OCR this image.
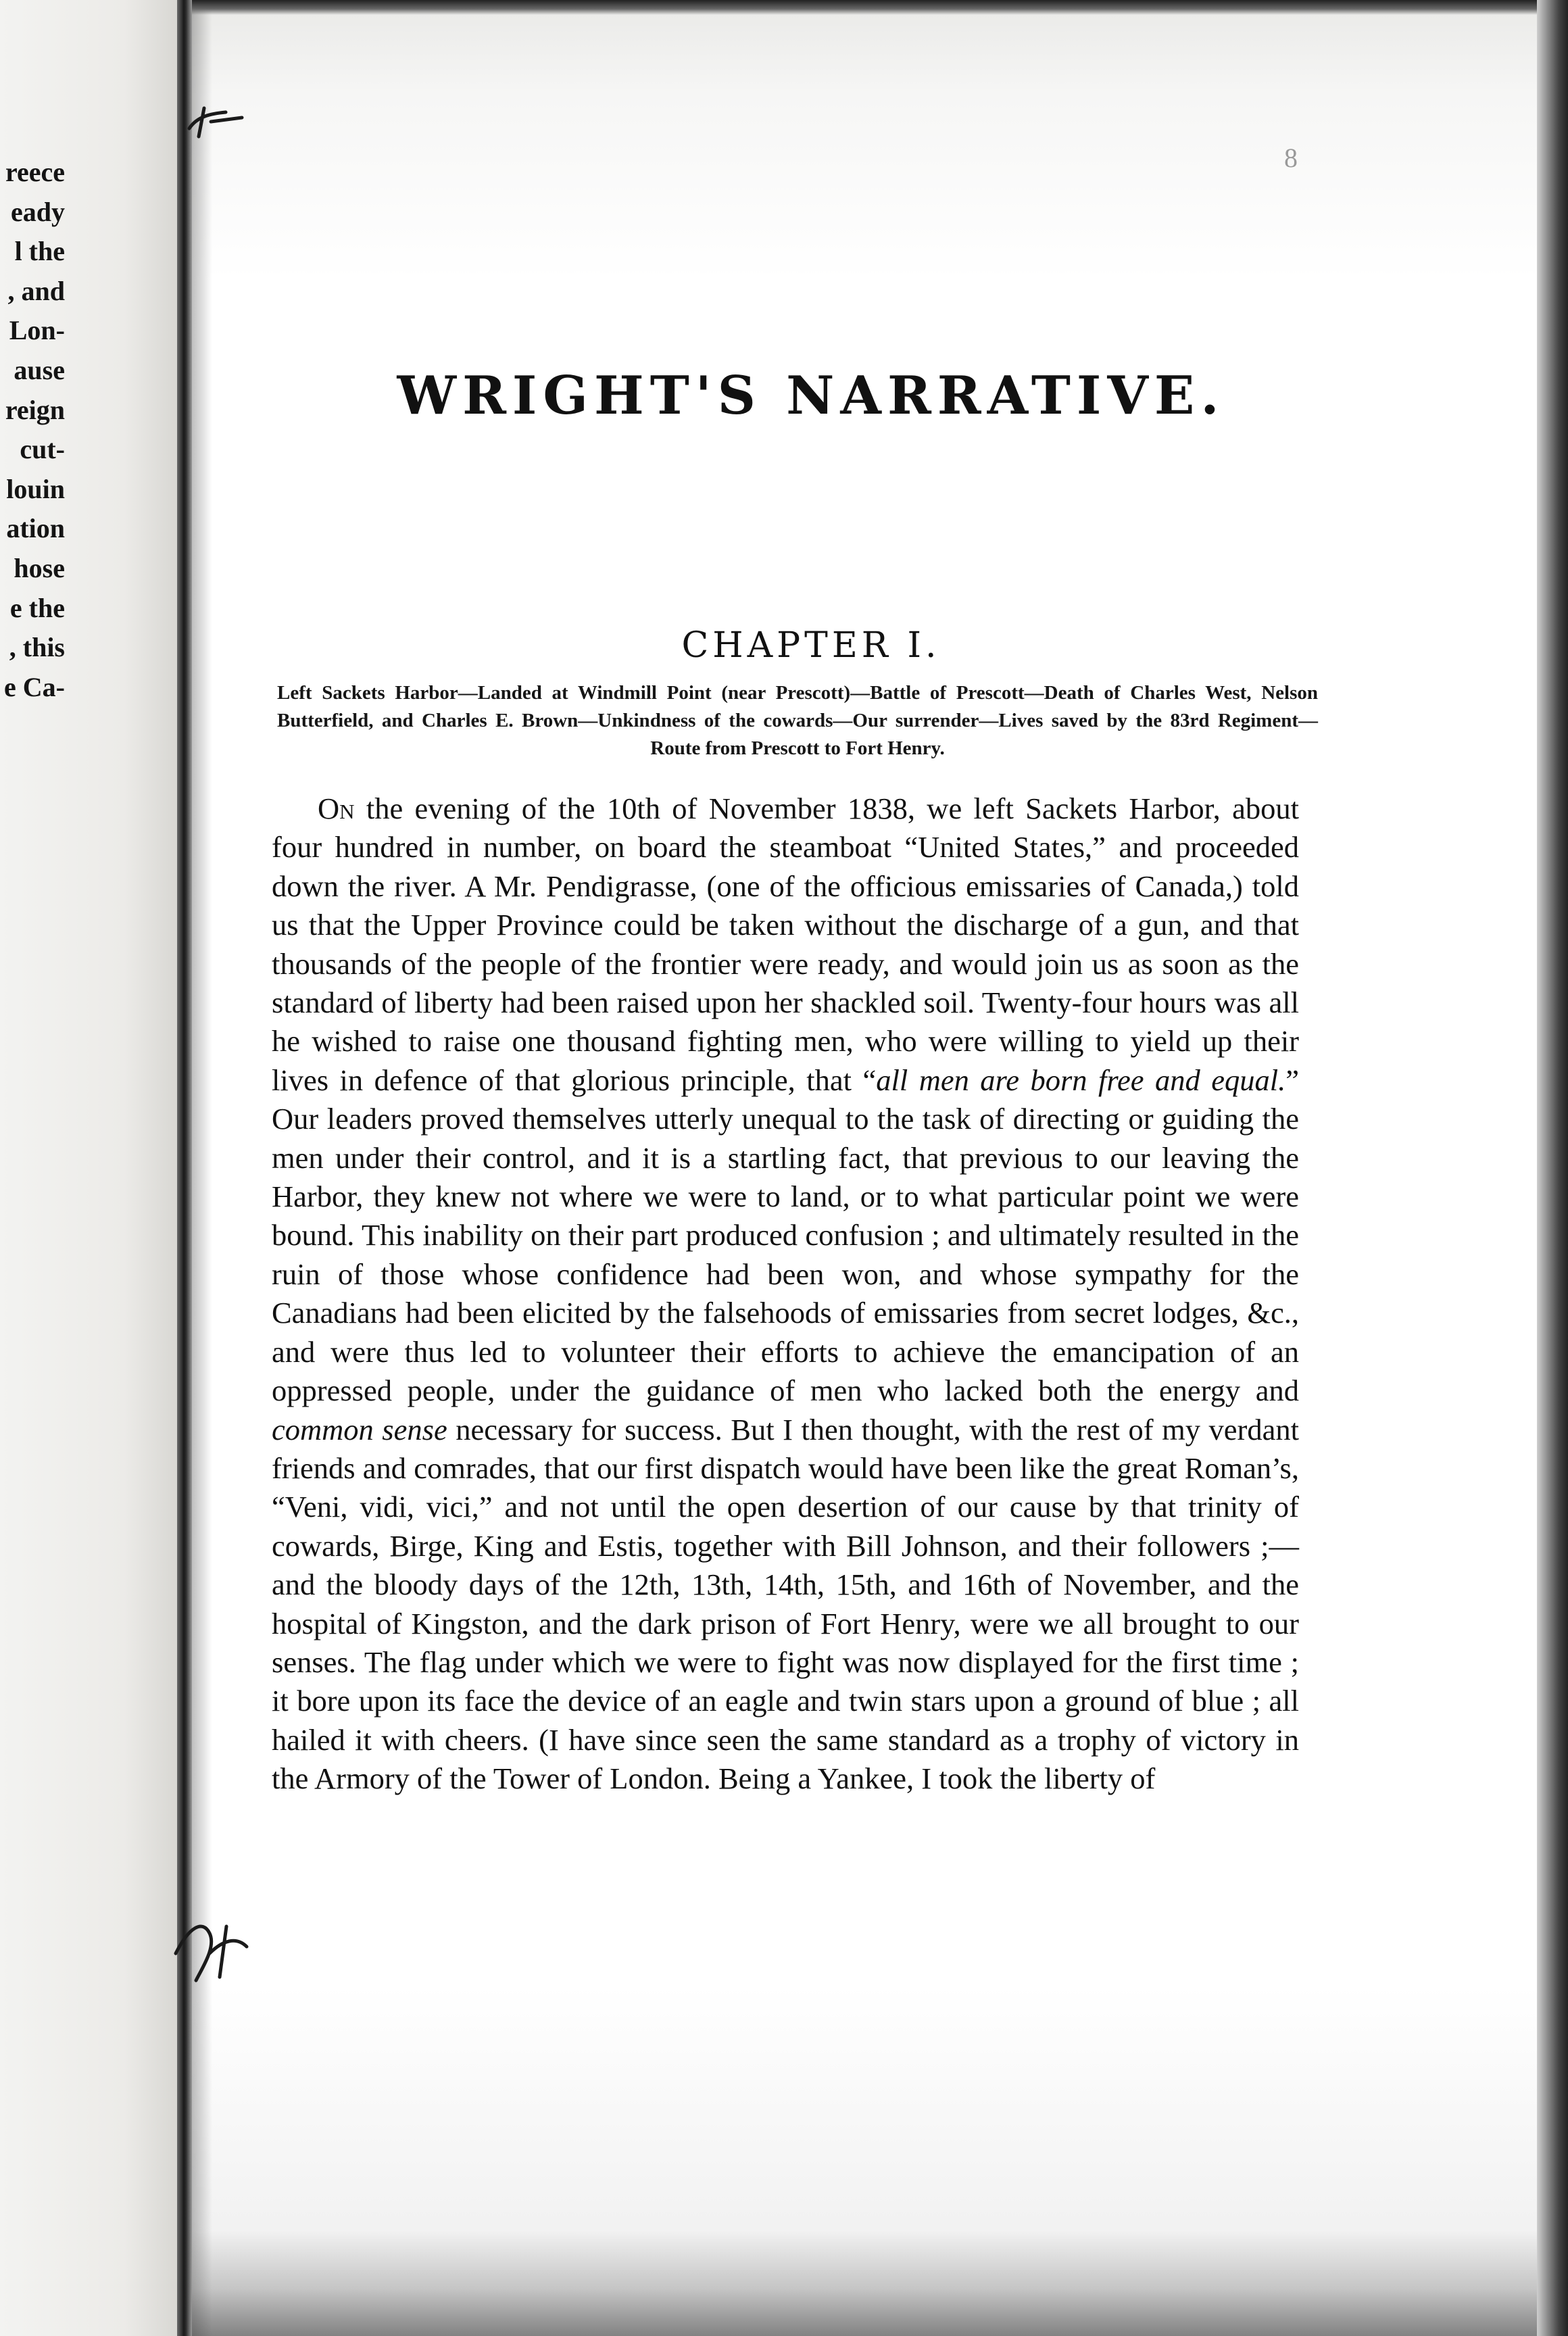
reece
eady
l the
, and
Lon-
ause
reign
cut-
louin
ation
hose
e the
, this
e Ca-
8
WRIGHT'S NARRATIVE.
CHAPTER I.
Left Sackets Harbor—Landed at Windmill Point (near Prescott)—Battle of Prescott—Death of Charles West, Nelson Butterfield, and Charles E. Brown—Unkindness of the cowards—Our surrender—Lives saved by the 83rd Regiment—Route from Prescott to Fort Henry.

On the evening of the 10th of November 1838, we left Sackets Harbor, about four hundred in number, on board the steamboat “United States,” and proceeded down the river. A Mr. Pendigrasse, (one of the officious emissaries of Canada,) told us that the Upper Province could be taken without the discharge of a gun, and that thousands of the people of the frontier were ready, and would join us as soon as the standard of liberty had been raised upon her shackled soil. Twenty-four hours was all he wished to raise one thousand fighting men, who were willing to yield up their lives in defence of that glorious principle, that “all men are born free and equal.” Our leaders proved themselves utterly unequal to the task of directing or guiding the men under their control, and it is a startling fact, that previous to our leaving the Harbor, they knew not where we were to land, or to what particular point we were bound. This inability on their part produced confusion ; and ultimately resulted in the ruin of those whose confidence had been won, and whose sympathy for the Canadians had been elicited by the falsehoods of emissaries from secret lodges, &c., and were thus led to volunteer their efforts to achieve the emancipation of an oppressed people, under the guidance of men who lacked both the energy and common sense necessary for success. But I then thought, with the rest of my verdant friends and comrades, that our first dispatch would have been like the great Roman’s, “Veni, vidi, vici,” and not until the open desertion of our cause by that trinity of cowards, Birge, King and Estis, together with Bill Johnson, and their followers ;—and the bloody days of the 12th, 13th, 14th, 15th, and 16th of November, and the hospital of Kingston, and the dark prison of Fort Henry, were we all brought to our senses. The flag under which we were to fight was now displayed for the first time ; it bore upon its face the device of an eagle and twin stars upon a ground of blue ; all hailed it with cheers. (I have since seen the same standard as a trophy of victory in the Armory of the Tower of London. Being a Yankee, I took the liberty of
